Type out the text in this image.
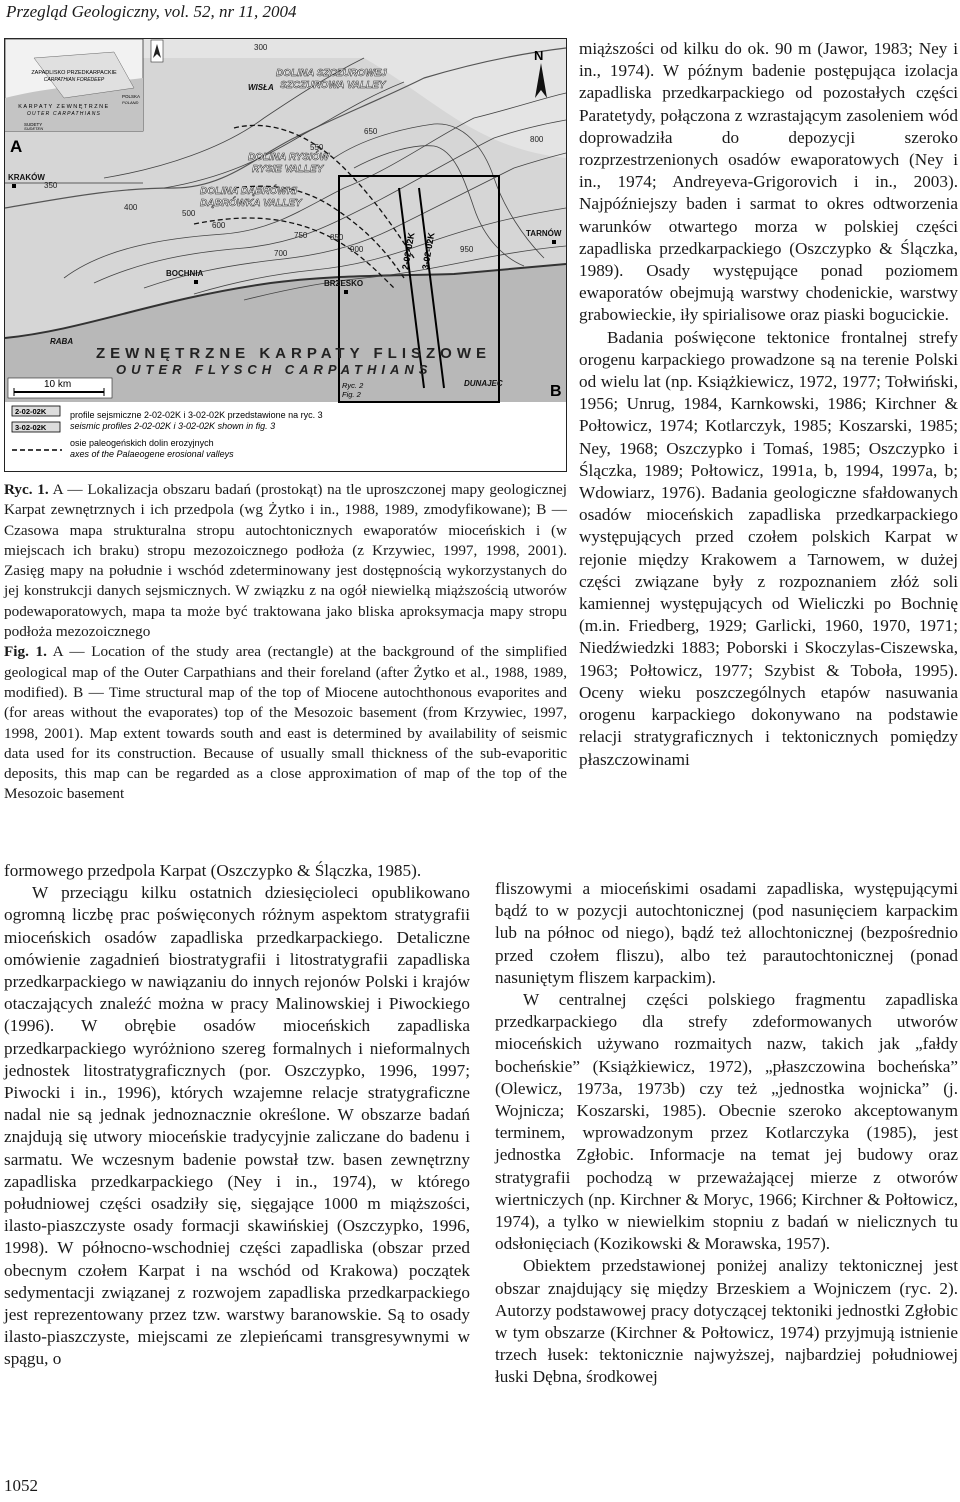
Przegląd Geologiczny, vol. 52, nr 11, 2004
ZAPADLISKO PRZEDKARPACKIE
CARPATHIAN FOREDEEP
KARPATY ZEWNĘTRZNE
OUTER CARPATHIANS
SUDETY
SUDETEN
POLSKA
POLAND
A
2-02-02K 3-02-02K
300
350
400
500
550
600
650
700
750
800
850
900	950
DOLINA SZCZUROWEJ
SZCZUROWA VALLEY
DOLINA RYSIÓW
RYSIE VALLEY
DOLINA DĄBRÓWKI
DĄBRÓWKA VALLEY
KRAKÓW
BOCHNIA
BRZESKO
TARNÓW
RABA
WISŁA
DUNAJEC
ZEWNĘTRZNE KARPATY FLISZOWE
OUTER FLYSCH CARPATHIANS
N
B
Ryc. 2
Fig. 2
10 km
2-02-02K
3-02-02K
profile sejsmiczne 2-02-02K i 3-02-02K przedstawione na ryc. 3
seismic profiles 2-02-02K i 3-02-02K shown in fig. 3
osie paleogeńskich dolin erozyjnych
axes of the Palaeogene erosional valleys

Ryc. 1. A — Lokalizacja obszaru badań (prostokąt) na tle uproszczonej mapy geologicznej Karpat zewnętrznych i ich przedpola (wg Żytko i in., 1988, 1989, zmodyfikowane); B — Czasowa mapa strukturalna stropu autochtonicznych ewaporatów mioceńskich i (w miejscach ich braku) stropu mezozoicznego podłoża (z Krzywiec, 1997, 1998, 2001). Zasięg mapy na południe i wschód zdeterminowany jest dostępnością wykorzystanych do jej konstrukcji danych sejsmicznych. W związku z na ogół niewielką miąższością utworów podewaporatowych, mapa ta może być traktowana jako bliska aproksymacja mapy stropu podłoża mezozoicznego

Fig. 1. A — Location of the study area (rectangle) at the background of the simplified geological map of the Outer Carpathians and their foreland (after Żytko et al., 1988, 1989, modified). B — Time structural map of the top of Miocene autochthonous evaporites and (for areas without the evaporates) top of the Mesozoic basement (from Krzywiec, 1997, 1998, 2001). Map extent towards south and east is determined by availability of seismic data used for its construction. Because of usually small thickness of the sub-evaporitic deposits, this map can be regarded as a close approximation of map of the top of the Mesozoic basement

formowego przedpola Karpat (Oszczypko & Ślączka, 1985).

W przeciągu kilku ostatnich dziesięcioleci opublikowano ogromną liczbę prac poświęconych różnym aspektom stratygrafii mioceńskich osadów zapadliska przedkarpackiego. Detaliczne omówienie zagadnień biostratygrafii i litostratygrafii zapadliska przedkarpackiego w nawiązaniu do innych rejonów Polski i krajów otaczających znaleźć można w pracy Malinowskiej i Piwockiego (1996). W obrębie osadów mioceńskich zapadliska przedkarpackiego wyróżniono szereg formalnych i nieformalnych jednostek litostratygraficznych (por. Oszczypko, 1996, 1997; Piwocki i in., 1996), których wzajemne relacje stratygraficzne nadal nie są jednak jednoznacznie określone. W obszarze badań znajdują się utwory mioceńskie tradycyjnie zaliczane do badenu i sarmatu. We wczesnym badenie powstał tzw. basen zewnętrzny zapadliska przedkarpackiego (Ney i in., 1974), w którego południowej części osadziły się, sięgające 1000 m miąższości, ilasto-piaszczyste osady formacji skawińskiej (Oszczypko, 1996, 1998). W północno-wschodniej części zapadliska (obszar przed obecnym czołem Karpat i na wschód od Krakowa) początek sedymentacji związanej z rozwojem zapadliska przedkarpackiego jest reprezentowany przez tzw. warstwy baranowskie. Są to osady ilasto-piaszczyste, miejscami ze zlepieńcami transgresywnymi w spągu, o

miąższości od kilku do ok. 90 m (Jawor, 1983; Ney i in., 1974). W późnym badenie postępująca izolacja zapadliska przedkarpackiego od pozostałych części Paratetydy, połączona z wzrastającym zasoleniem wód doprowadziła do depozycji szeroko rozprzestrzenionych osadów ewaporatowych (Ney i in., 1974; Andreyeva-Grigorovich i in., 2003). Najpóźniejszy baden i sarmat to okres odtworzenia warunków otwartego morza w polskiej części zapadliska przedkarpackiego (Oszczypko & Ślączka, 1989). Osady występujące ponad poziomem ewaporatów obejmują warstwy chodenickie, warstwy grabowieckie, iły spirialisowe oraz piaski bogucickie.

Badania poświęcone tektonice frontalnej strefy orogenu karpackiego prowadzone są na terenie Polski od wielu lat (np. Książkiewicz, 1972, 1977; Tołwiński, 1956; Unrug, 1984, Karnkowski, 1986; Kirchner & Połtowicz, 1974; Kotlarczyk, 1985; Koszarski, 1985; Ney, 1968; Oszczypko i Tomaś, 1985; Oszczypko i Ślączka, 1989; Połtowicz, 1991a, b, 1994, 1997a, b; Wdowiarz, 1976). Badania geologiczne sfałdowanych osadów mioceńskich zapadliska przedkarpackiego występujących przed czołem polskich Karpat w rejonie między Krakowem a Tarnowem, w dużej części związane były z rozpoznaniem złóż soli kamiennej występujących od Wieliczki po Bochnię (m.in. Friedberg, 1929; Garlicki, 1960, 1970, 1971; Niedźwiedzki 1883; Poborski i Skoczylas-Ciszewska, 1963; Połtowicz, 1977; Szybist & Toboła, 1995). Oceny wieku poszczególnych etapów nasuwania orogenu karpackiego dokonywano na podstawie relacji stratygraficznych i tektonicznych pomiędzy płaszczowinami

fliszowymi a mioceńskimi osadami zapadliska, występującymi bądź to w pozycji autochtonicznej (pod nasunięciem karpackim lub na północ od niego), bądź też allochtonicznej (bezpośrednio przed czołem fliszu), albo też parautochtonicznej (ponad nasuniętym fliszem karpackim).

W centralnej części polskiego fragmentu zapadliska przedkarpackiego dla strefy zdeformowanych utworów mioceńskich używano rozmaitych nazw, takich jak „fałdy bocheńskie” (Książkiewicz, 1972), „płaszczowina bocheńska” (Olewicz, 1973a, 1973b) czy też „jednostka wojnicka” (j. Wojnicza; Koszarski, 1985). Obecnie szeroko akceptowanym terminem, wprowadzonym przez Kotlarczyka (1985), jest jednostka Zgłobic. Informacje na temat jej budowy oraz stratygrafii pochodzą w przeważającej mierze z otworów wiertniczych (np. Kirchner & Moryc, 1966; Kirchner & Połtowicz, 1974), a tylko w niewielkim stopniu z badań w nielicznych tu odsłonięciach (Kozikowski & Morawska, 1957).

Obiektem przedstawionej poniżej analizy tektonicznej jest obszar znajdujący się między Brzeskiem a Wojniczem (ryc. 2). Autorzy podstawowej pracy dotyczącej tektoniki jednostki Zgłobic w tym obszarze (Kirchner & Połtowicz, 1974) przyjmują istnienie trzech łusek: tektonicznie najwyższej, najbardziej południowej łuski Dębna, środkowej

1052
